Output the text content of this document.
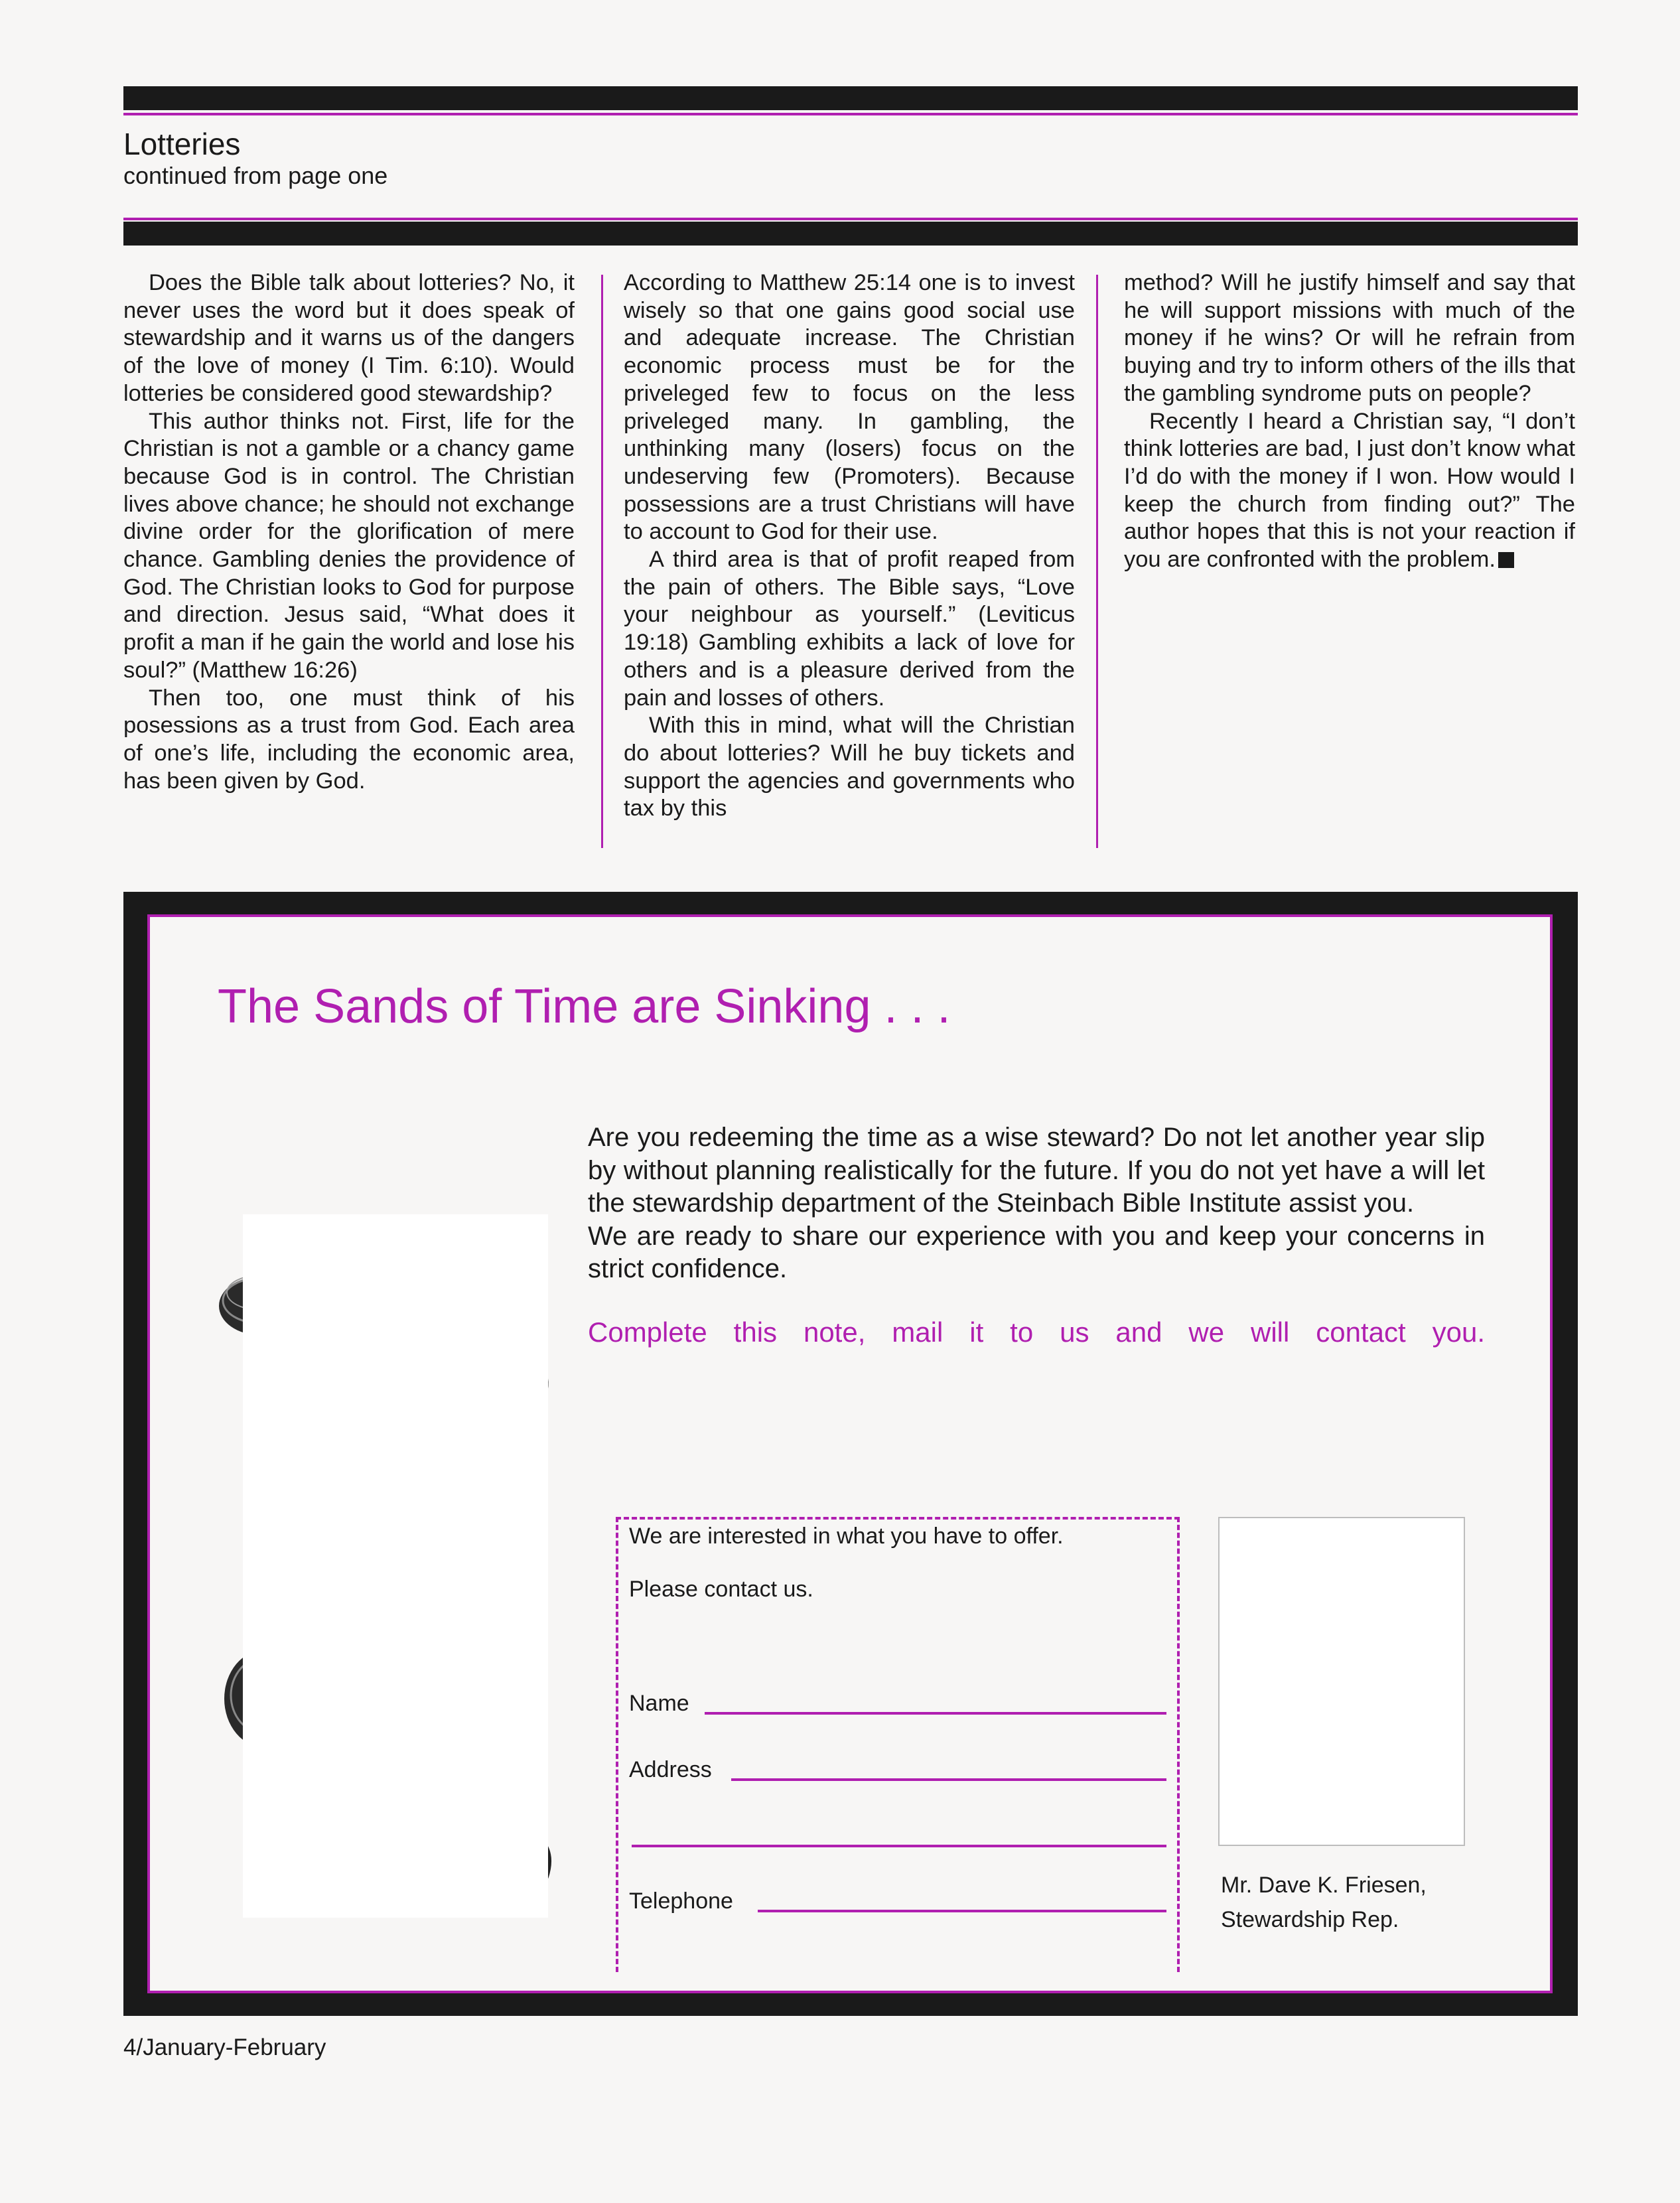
Lotteries
continued from page one

Does the Bible talk about lotteries? No, it never uses the word but it does speak of stewardship and it warns us of the dangers of the love of money (I Tim. 6:10). Would lotteries be considered good stewardship?

This author thinks not. First, life for the Christian is not a gamble or a chancy game because God is in control. The Christian lives above chance; he should not exchange divine order for the glorification of mere chance. Gambling denies the providence of God. The Christian looks to God for purpose and direction. Jesus said, “What does it profit a man if he gain the world and lose his soul?” (Matthew 16:26)

Then too, one must think of his posessions as a trust from God. Each area of one’s life, including the economic area, has been given by God.

According to Matthew 25:14 one is to invest wisely so that one gains good social use and adequate increase. The Christian economic process must be for the priveleged few to focus on the less priveleged many. In gambling, the unthinking many (losers) focus on the undeserving few (Promoters). Because possessions are a trust Christians will have to account to God for their use.

A third area is that of profit reaped from the pain of others. The Bible says, “Love your neighbour as yourself.” (Leviticus 19:18) Gambling exhibits a lack of love for others and is a pleasure derived from the pain and losses of others.

With this in mind, what will the Christian do about lotteries? Will he buy tickets and support the agencies and governments who tax by this

method? Will he justify himself and say that he will support missions with much of the money if he wins? Or will he refrain from buying and try to inform others of the ills that the gambling syndrome puts on people?

Recently I heard a Christian say, “I don’t think lotteries are bad, I just don’t know what I’d do with the money if I won. How would I keep the church from finding out?” The author hopes that this is not your reaction if you are confronted with the problem.

The Sands of Time are Sinking . . .

Are you redeeming the time as a wise steward? Do not let another year slip by without planning realistically for the future. If you do not yet have a will let the stewardship department of the Steinbach Bible Institute assist you.

We are ready to share our experience with you and keep your concerns in strict confidence.

Complete this note, mail it to us and we will contact you.
We are interested in what you have to offer.
Please contact us.
Name
Address
Telephone
Mr. Dave K. Friesen,
Stewardship Rep.
4/January-February
